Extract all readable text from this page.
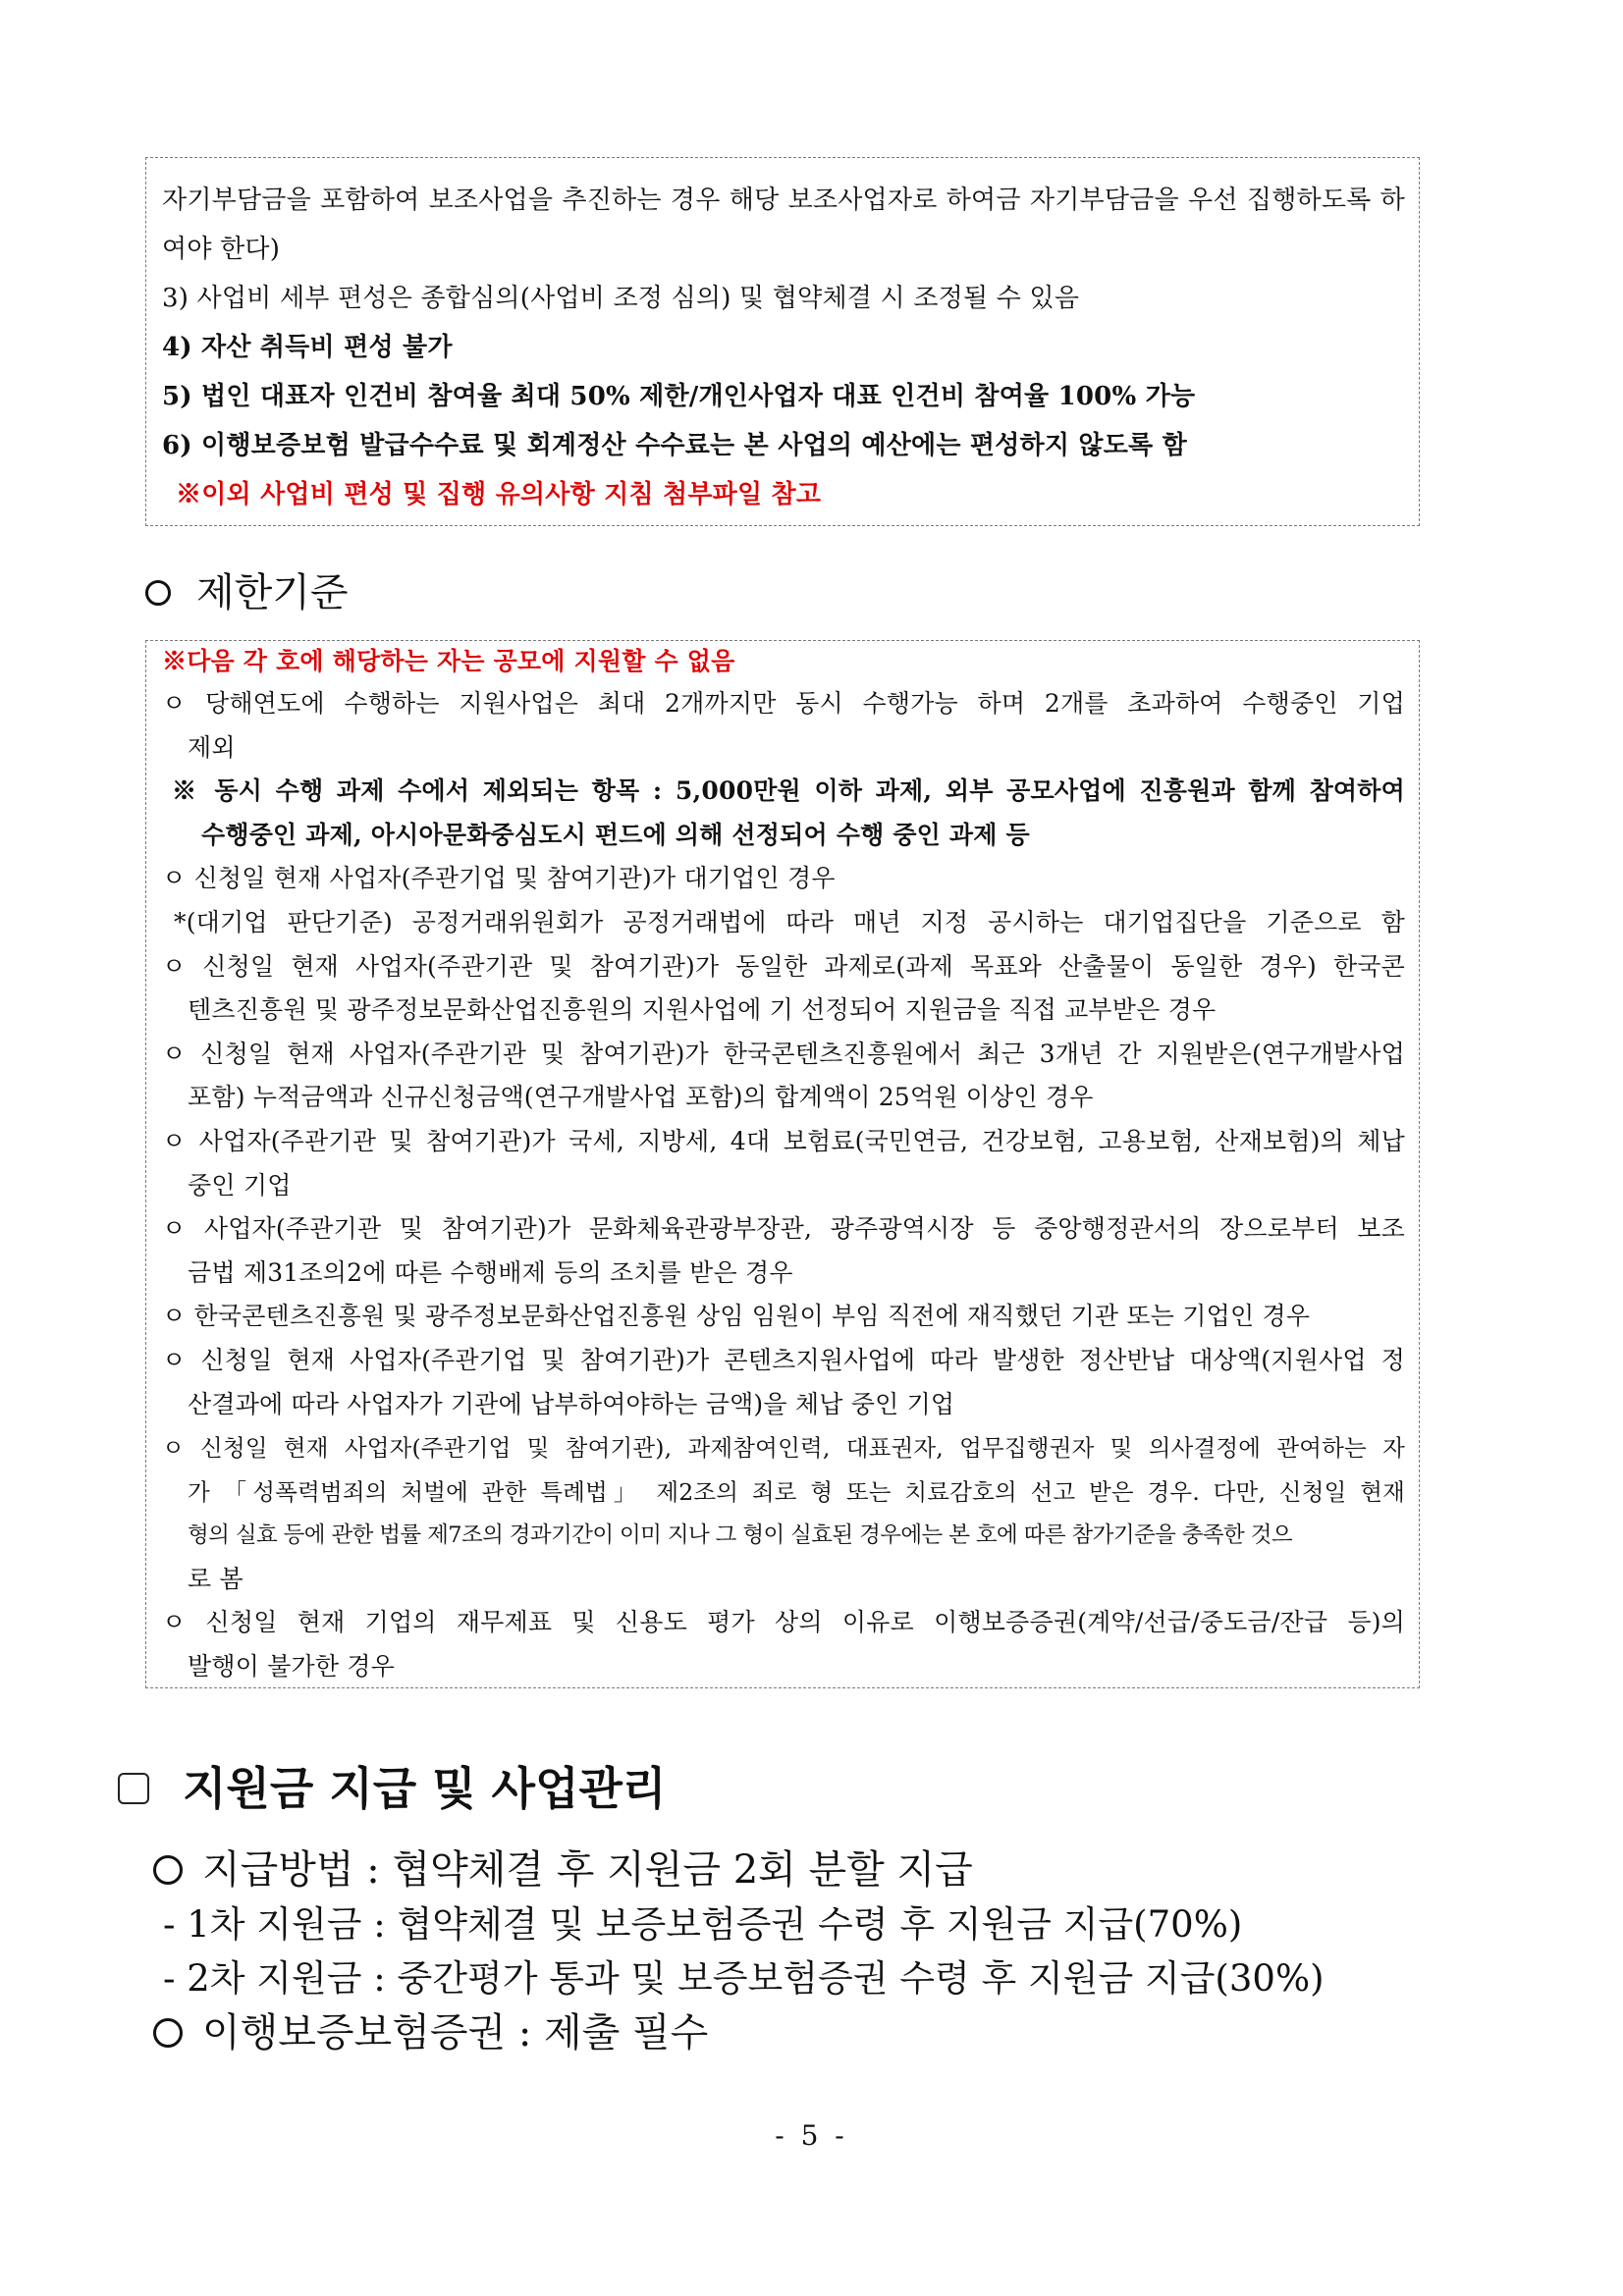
자기부담금을 포함하여 보조사업을 추진하는 경우 해당 보조사업자로 하여금 자기부담금을 우선 집행하도록 하
여야 한다)
3) 사업비 세부 편성은 종합심의(사업비 조정 심의) 및 협약체결 시 조정될 수 있음
4) 자산 취득비 편성 불가
5) 법인 대표자 인건비 참여율 최대 50% 제한/개인사업자 대표 인건비 참여율 100% 가능
6) 이행보증보험 발급수수료 및 회계정산 수수료는 본 사업의 예산에는 편성하지 않도록 함
※이외 사업비 편성 및 집행 유의사항 지침 첨부파일 참고
제한기준
※다음 각 호에 해당하는 자는 공모에 지원할 수 없음
ㅇ 당해연도에 수행하는 지원사업은 최대 2개까지만 동시 수행가능 하며 2개를 초과하여 수행중인 기업
제외
※ 동시 수행 과제 수에서 제외되는 항목 : 5,000만원 이하 과제, 외부 공모사업에 진흥원과 함께 참여하여
수행중인 과제, 아시아문화중심도시 펀드에 의해 선정되어 수행 중인 과제 등
ㅇ 신청일 현재 사업자(주관기업 및 참여기관)가 대기업인 경우
*(대기업 판단기준) 공정거래위원회가 공정거래법에 따라 매년 지정 공시하는 대기업집단을 기준으로 함
ㅇ 신청일 현재 사업자(주관기관 및 참여기관)가 동일한 과제로(과제 목표와 산출물이 동일한 경우) 한국콘
텐츠진흥원 및 광주정보문화산업진흥원의 지원사업에 기 선정되어 지원금을 직접 교부받은 경우
ㅇ 신청일 현재 사업자(주관기관 및 참여기관)가 한국콘텐츠진흥원에서 최근 3개년 간 지원받은(연구개발사업
포함) 누적금액과 신규신청금액(연구개발사업 포함)의 합계액이 25억원 이상인 경우
ㅇ 사업자(주관기관 및 참여기관)가 국세, 지방세, 4대 보험료(국민연금, 건강보험, 고용보험, 산재보험)의 체납
중인 기업
ㅇ 사업자(주관기관 및 참여기관)가 문화체육관광부장관, 광주광역시장 등 중앙행정관서의 장으로부터 보조
금법 제31조의2에 따른 수행배제 등의 조치를 받은 경우
ㅇ 한국콘텐츠진흥원 및 광주정보문화산업진흥원 상임 임원이 부임 직전에 재직했던 기관 또는 기업인 경우
ㅇ 신청일 현재 사업자(주관기업 및 참여기관)가 콘텐츠지원사업에 따라 발생한 정산반납 대상액(지원사업 정
산결과에 따라 사업자가 기관에 납부하여야하는 금액)을 체납 중인 기업
ㅇ 신청일 현재 사업자(주관기업 및 참여기관), 과제참여인력, 대표권자, 업무집행권자 및 의사결정에 관여하는 자
가 「성폭력범죄의 처벌에 관한 특례법」 제2조의 죄로 형 또는 치료감호의 선고 받은 경우. 다만, 신청일 현재
형의 실효 등에 관한 법률 제7조의 경과기간이 이미 지나 그 형이 실효된 경우에는 본 호에 따른 참가기준을 충족한 것으
로 봄
ㅇ 신청일 현재 기업의 재무제표 및 신용도 평가 상의 이유로 이행보증증권(계약/선급/중도금/잔급 등)의
발행이 불가한 경우
지원금 지급 및 사업관리
지급방법 : 협약체결 후 지원금 2회 분할 지급
- 1차 지원금 : 협약체결 및 보증보험증권 수령 후 지원금 지급(70%)
- 2차 지원금 : 중간평가 통과 및 보증보험증권 수령 후 지원금 지급(30%)
이행보증보험증권 : 제출 필수
- 5 -
